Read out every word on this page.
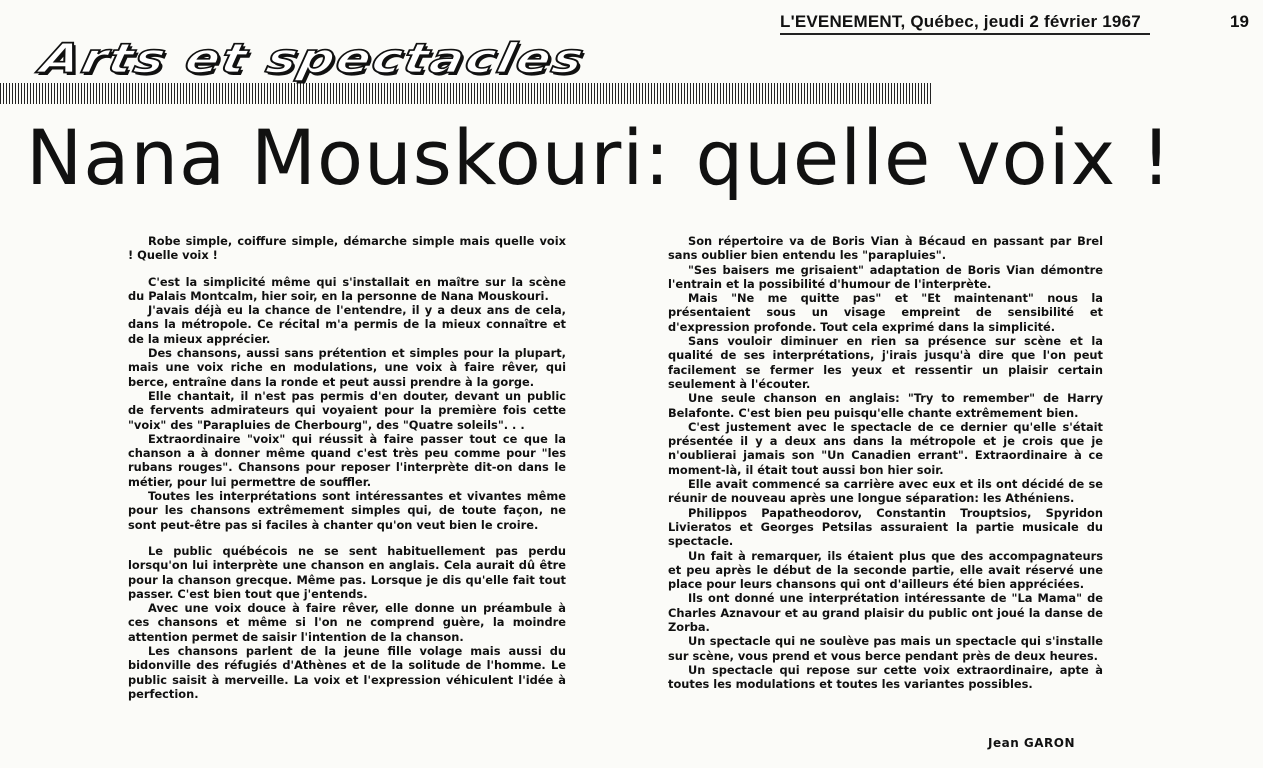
L'EVENEMENT, Québec, jeudi 2 février 1967	19
Arts et spectacles
Nana Mouskouri: quelle voix !

Robe simple, coiffure simple, démarche simple mais quelle voix ! Quelle voix !

C'est la simplicité même qui s'installait en maître sur la scène du Palais Montcalm, hier soir, en la personne de Nana Mouskouri.

J'avais déjà eu la chance de l'entendre, il y a deux ans de cela, dans la métropole. Ce récital m'a permis de la mieux connaître et de la mieux apprécier.

Des chansons, aussi sans prétention et simples pour la plupart, mais une voix riche en modulations, une voix à faire rêver, qui berce, entraîne dans la ronde et peut aussi prendre à la gorge.

Elle chantait, il n'est pas permis d'en douter, devant un public de fervents admirateurs qui voyaient pour la première fois cette "voix" des "Parapluies de Cherbourg", des "Quatre soleils". . .

Extraordinaire "voix" qui réussit à faire passer tout ce que la chanson a à donner même quand c'est très peu comme pour "les rubans rouges". Chansons pour reposer l'interprète dit-on dans le métier, pour lui permettre de souffler.

Toutes les interprétations sont intéressantes et vivantes même pour les chansons extrêmement simples qui, de toute façon, ne sont peut-être pas si faciles à chanter qu'on veut bien le croire.

Le public québécois ne se sent habituellement pas perdu lorsqu'on lui interprète une chanson en anglais. Cela aurait dû être pour la chanson grecque. Même pas. Lorsque je dis qu'elle fait tout passer. C'est bien tout que j'entends.

Avec une voix douce à faire rêver, elle donne un préambule à ces chansons et même si l'on ne comprend guère, la moindre attention permet de saisir l'intention de la chanson.

Les chansons parlent de la jeune fille volage mais aussi du bidonville des réfugiés d'Athènes et de la solitude de l'homme. Le public saisit à merveille. La voix et l'expression véhiculent l'idée à perfection.

Son répertoire va de Boris Vian à Bécaud en passant par Brel sans oublier bien entendu les "parapluies".

"Ses baisers me grisaient" adaptation de Boris Vian démontre l'entrain et la possibilité d'humour de l'interprète.

Mais "Ne me quitte pas" et "Et maintenant" nous la présentaient sous un visage empreint de sensibilité et d'expression profonde. Tout cela exprimé dans la simplicité.

Sans vouloir diminuer en rien sa présence sur scène et la qualité de ses interprétations, j'irais jusqu'à dire que l'on peut facilement se fermer les yeux et ressentir un plaisir certain seulement à l'écouter.

Une seule chanson en anglais: "Try to remember" de Harry Belafonte. C'est bien peu puisqu'elle chante extrêmement bien.

C'est justement avec le spectacle de ce dernier qu'elle s'était présentée il y a deux ans dans la métropole et je crois que je n'oublierai jamais son "Un Canadien errant". Extraordinaire à ce moment-là, il était tout aussi bon hier soir.

Elle avait commencé sa carrière avec eux et ils ont décidé de se réunir de nouveau après une longue séparation: les Athéniens.

Philippos Papatheodorov, Constantin Trouptsios, Spyridon Livieratos et Georges Petsilas assuraient la partie musicale du spectacle.

Un fait à remarquer, ils étaient plus que des accompagnateurs et peu après le début de la seconde partie, elle avait réservé une place pour leurs chansons qui ont d'ailleurs été bien appréciées.

Ils ont donné une interprétation intéressante de "La Mama" de Charles Aznavour et au grand plaisir du public ont joué la danse de Zorba.

Un spectacle qui ne soulève pas mais un spectacle qui s'installe sur scène, vous prend et vous berce pendant près de deux heures.

Un spectacle qui repose sur cette voix extraordinaire, apte à toutes les modulations et toutes les variantes possibles.

Jean GARON
